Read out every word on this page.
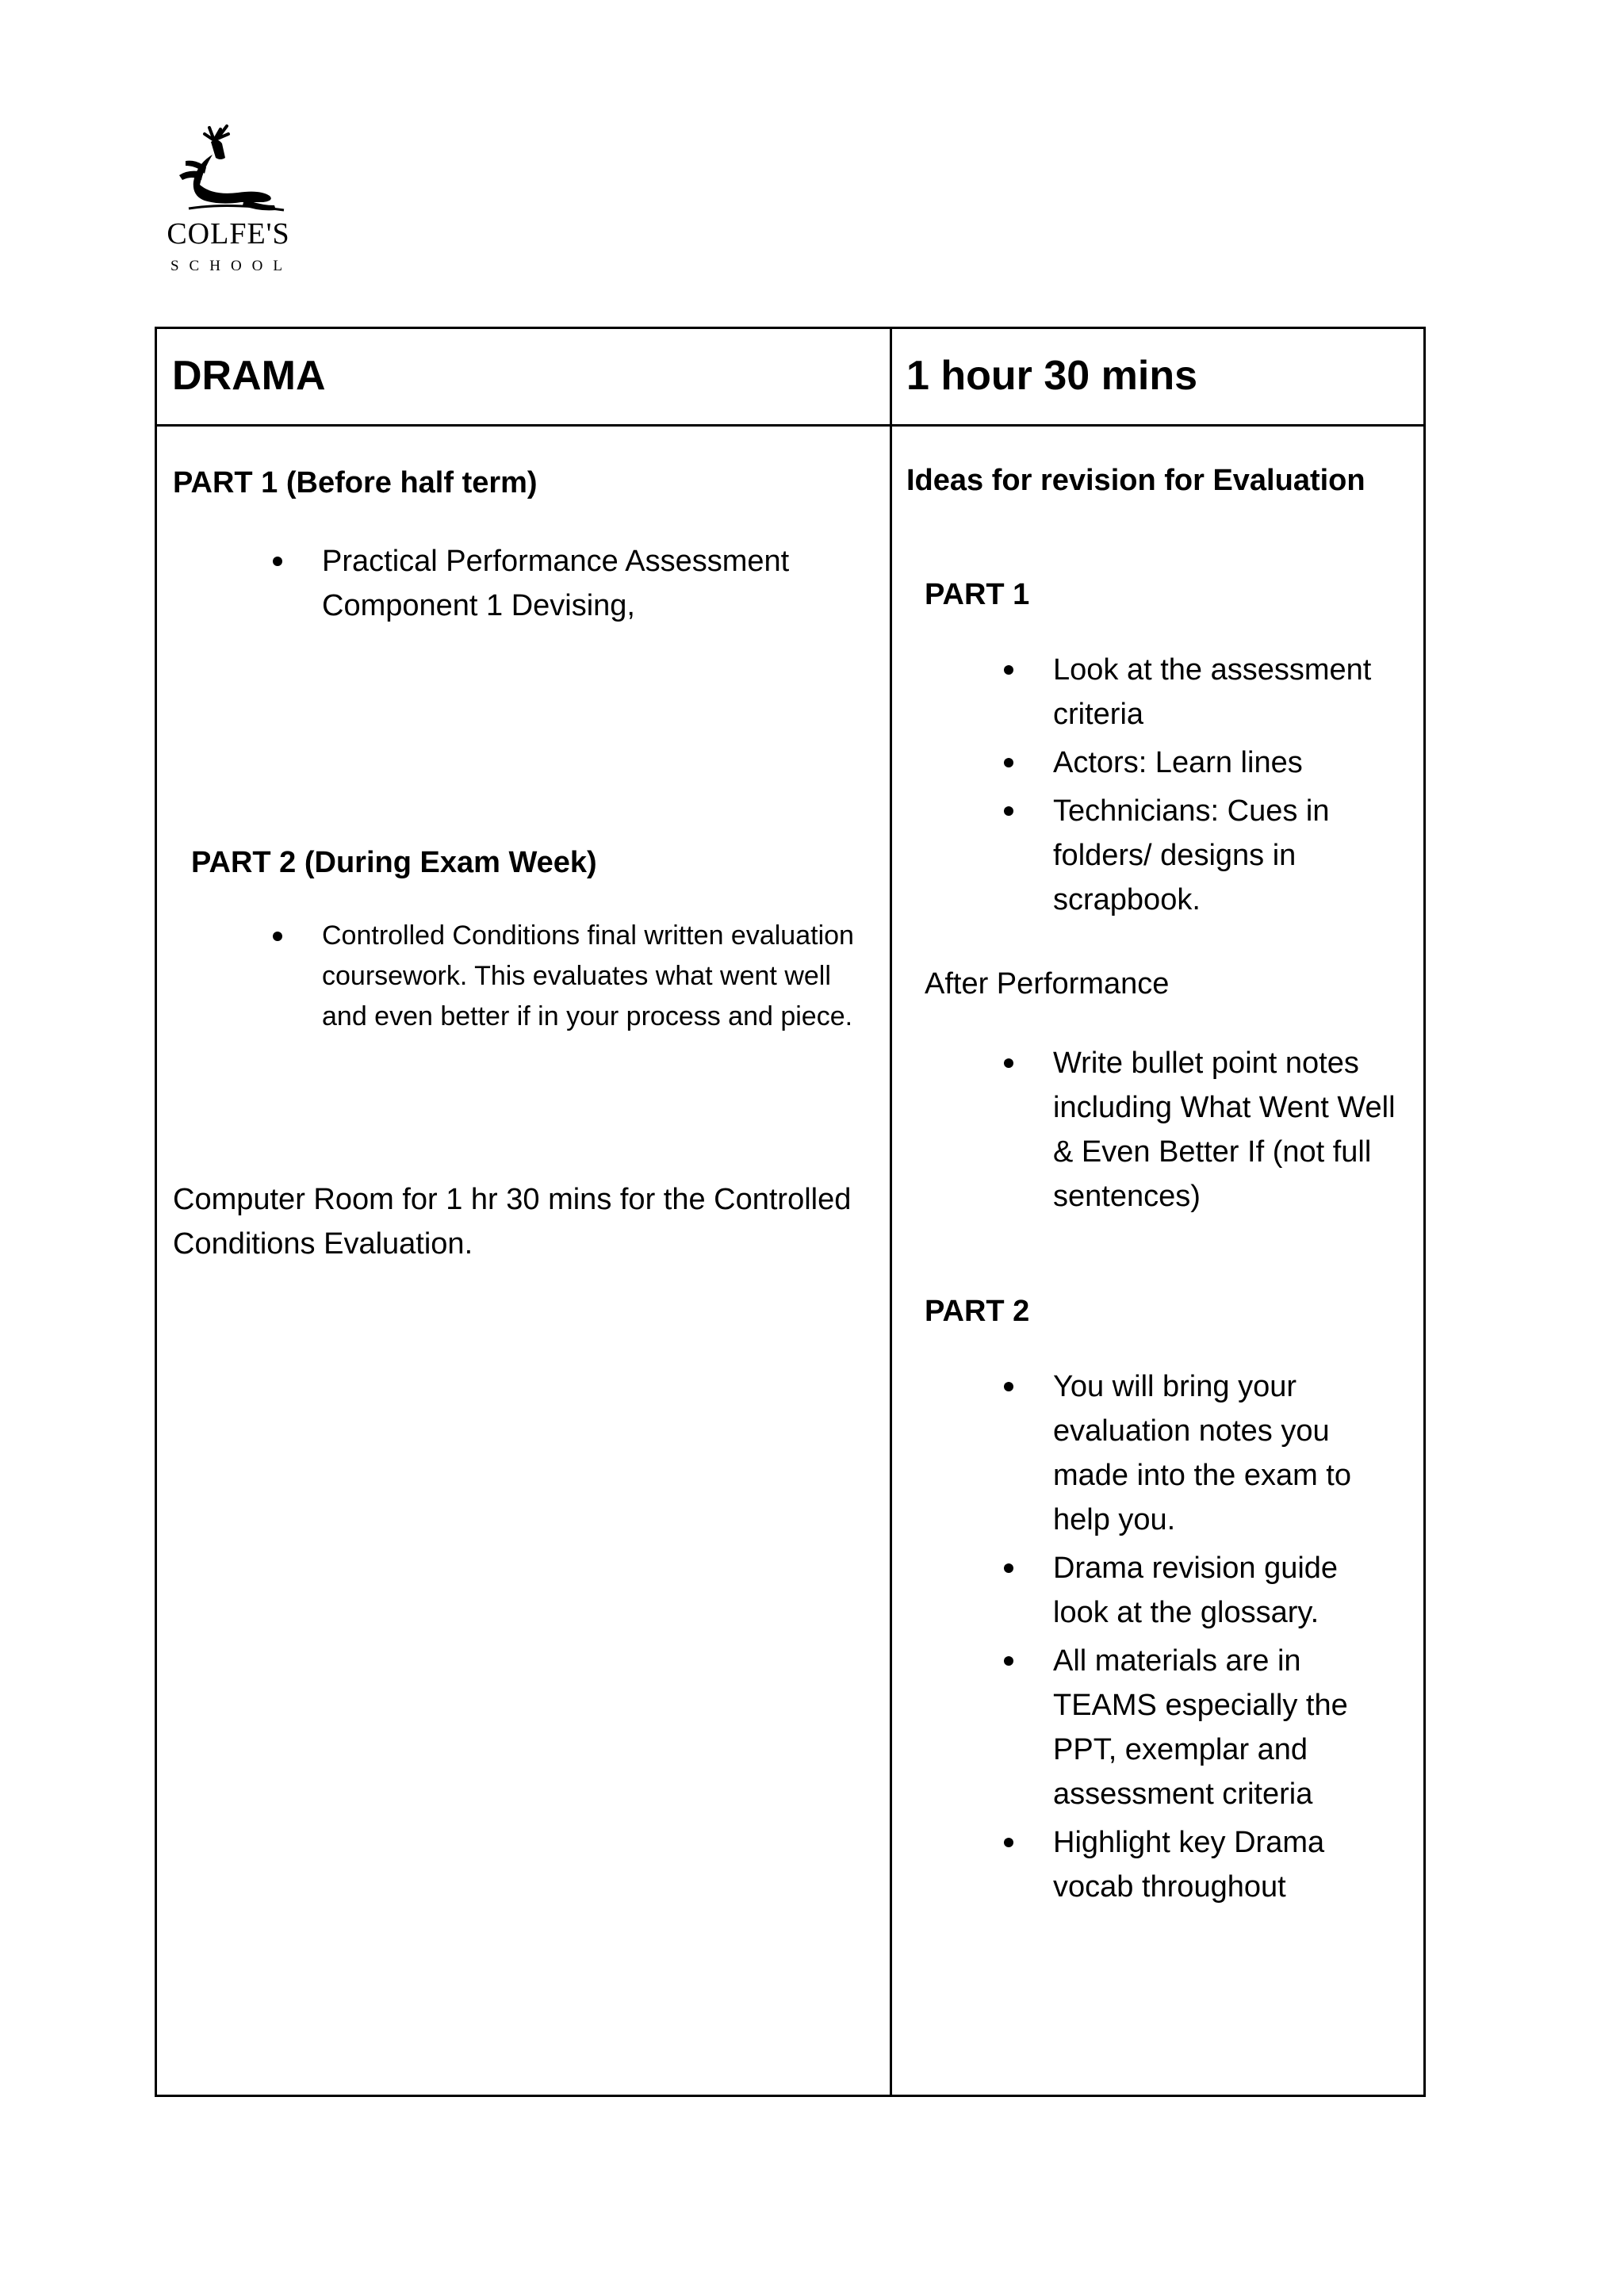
COLFE'S
SCHOOL
DRAMA	1 hour 30 mins
PART 1 (Before half term)
Practical Performance Assessment Component 1 Devising,
PART 2 (During Exam Week)
Controlled Conditions final written evaluation coursework. This evaluates what went well and even better if in your process and piece.
Computer Room for 1 hr 30 mins for the Controlled Conditions Evaluation.
Ideas for revision for Evaluation
PART 1
Look at the assessment criteria
Actors: Learn lines
Technicians: Cues in folders/ designs in scrapbook.
After Performance
Write bullet point notes including What Went Well & Even Better If (not full sentences)
PART 2
You will bring your evaluation notes you made into the exam to help you.
Drama revision guide look at the glossary.
All materials are in TEAMS especially the PPT, exemplar and assessment criteria
Highlight key Drama vocab throughout
